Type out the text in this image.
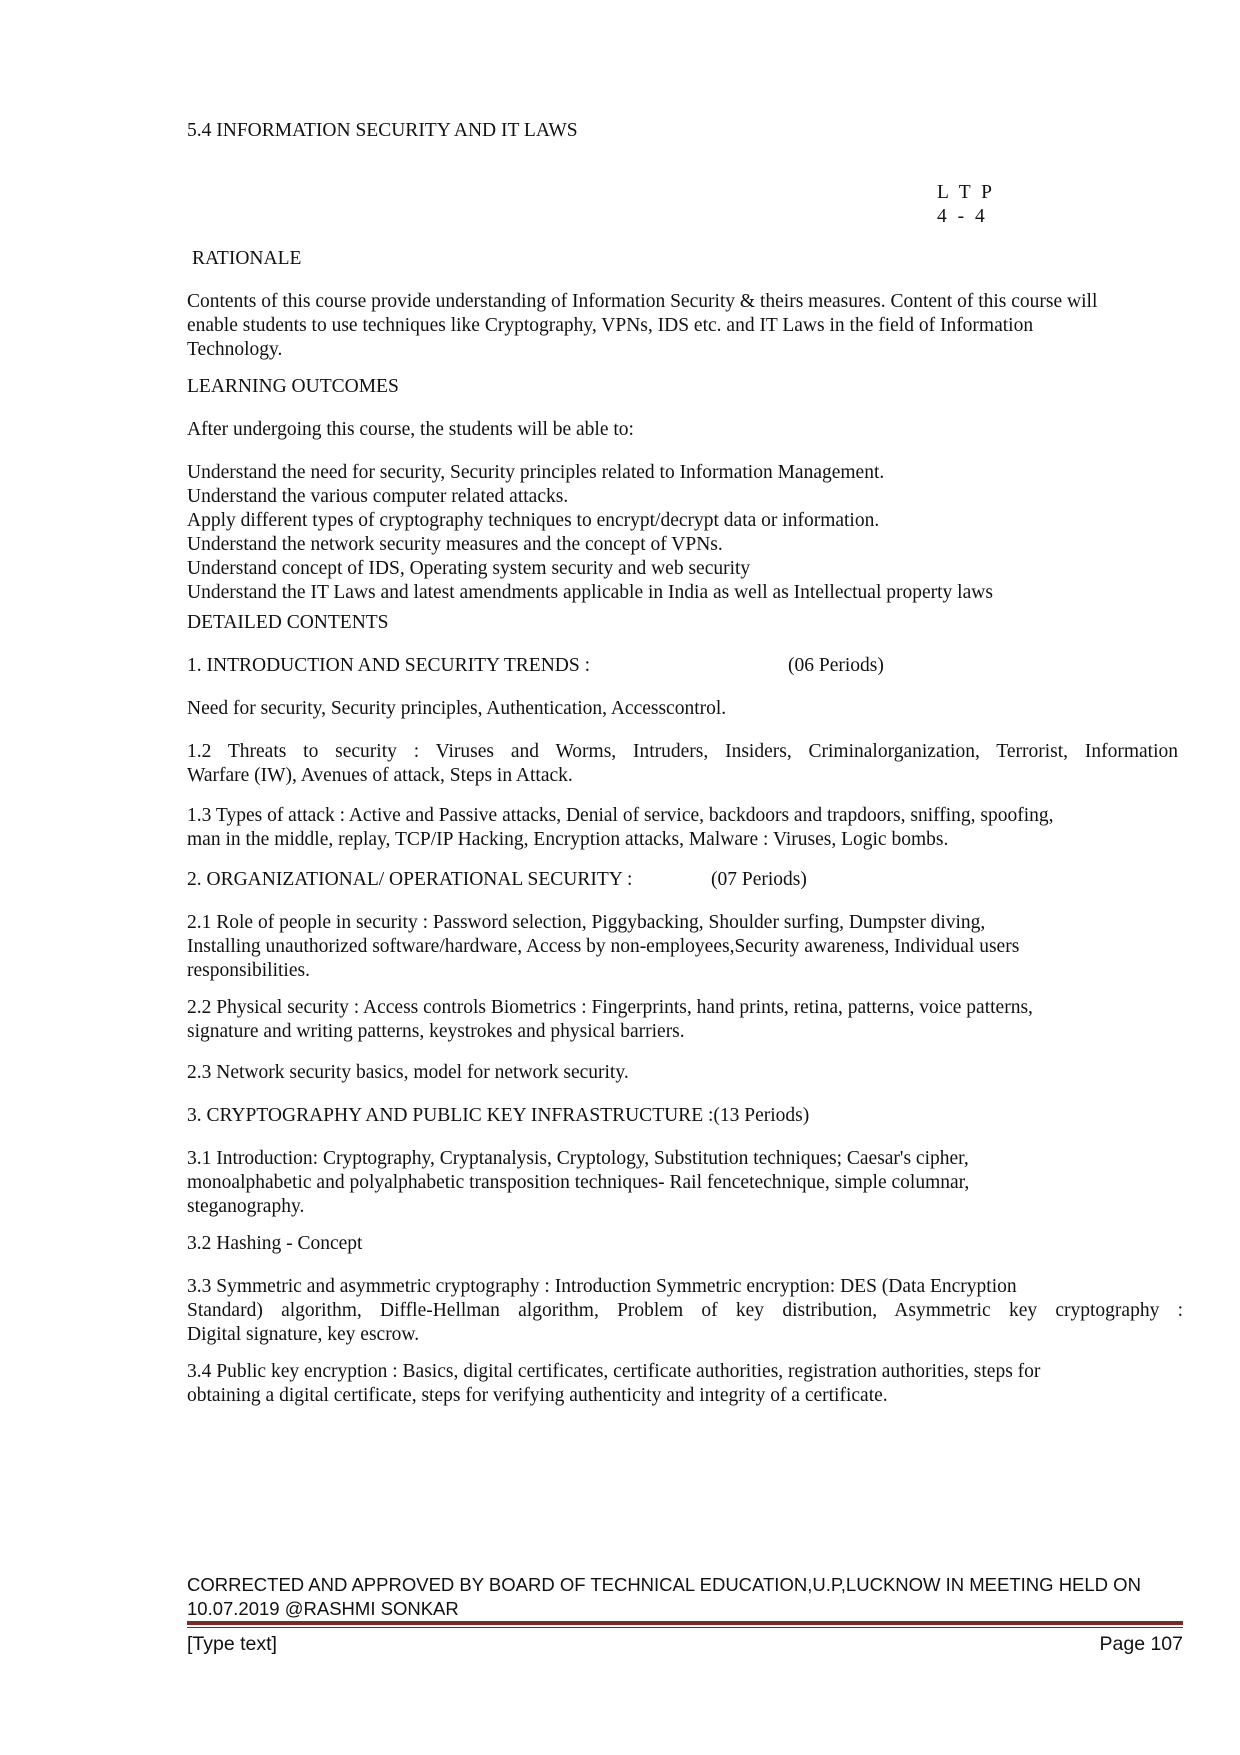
5.4 INFORMATION SECURITY AND IT LAWS

L T P
4 - 4

RATIONALE

Contents of this course provide understanding of Information Security & theirs measures. Content of this course will
enable students to use techniques like Cryptography, VPNs, IDS etc. and IT Laws in the field of Information
Technology.

LEARNING OUTCOMES

After undergoing this course, the students will be able to:

Understand the need for security, Security principles related to Information Management.
Understand the various computer related attacks.
Apply different types of cryptography techniques to encrypt/decrypt data or information.
Understand the network security measures and the concept of VPNs.
Understand concept of IDS, Operating system security and web security
Understand the IT Laws and latest amendments applicable in India as well as Intellectual property laws

DETAILED CONTENTS

1. INTRODUCTION AND SECURITY TRENDS :	(06 Periods)

Need for security, Security principles, Authentication, Accesscontrol.

1.2 Threats to security : Viruses and Worms, Intruders, Insiders, Criminalorganization, Terrorist, Information
Warfare (IW), Avenues of attack, Steps in Attack.
1.3 Types of attack : Active and Passive attacks, Denial of service, backdoors and trapdoors, sniffing, spoofing,
man in the middle, replay, TCP/IP Hacking, Encryption attacks, Malware : Viruses, Logic bombs.
2. ORGANIZATIONAL/ OPERATIONAL SECURITY :	(07 Periods)
2.1 Role of people in security : Password selection, Piggybacking, Shoulder surfing, Dumpster diving,
Installing unauthorized software/hardware, Access by non-employees,Security awareness, Individual users
responsibilities.
2.2 Physical security : Access controls Biometrics : Fingerprints, hand prints, retina, patterns, voice patterns,
signature and writing patterns, keystrokes and physical barriers.

2.3 Network security basics, model for network security.

3. CRYPTOGRAPHY AND PUBLIC KEY INFRASTRUCTURE :(13 Periods)

3.1 Introduction: Cryptography, Cryptanalysis, Cryptology, Substitution techniques; Caesar's cipher,
monoalphabetic and polyalphabetic transposition techniques- Rail fencetechnique, simple columnar,
steganography.

3.2 Hashing - Concept

3.3 Symmetric and asymmetric cryptography : Introduction Symmetric encryption: DES (Data Encryption
Standard) algorithm, Diffle-Hellman algorithm, Problem of key distribution, Asymmetric key cryptography :
Digital signature, key escrow.
3.4 Public key encryption : Basics, digital certificates, certificate authorities, registration authorities, steps for
obtaining a digital certificate, steps for verifying authenticity and integrity of a certificate.
CORRECTED AND APPROVED BY BOARD OF TECHNICAL EDUCATION,U.P,LUCKNOW IN MEETING HELD ON
10.07.2019 @RASHMI SONKAR
[Type text]	Page 107
